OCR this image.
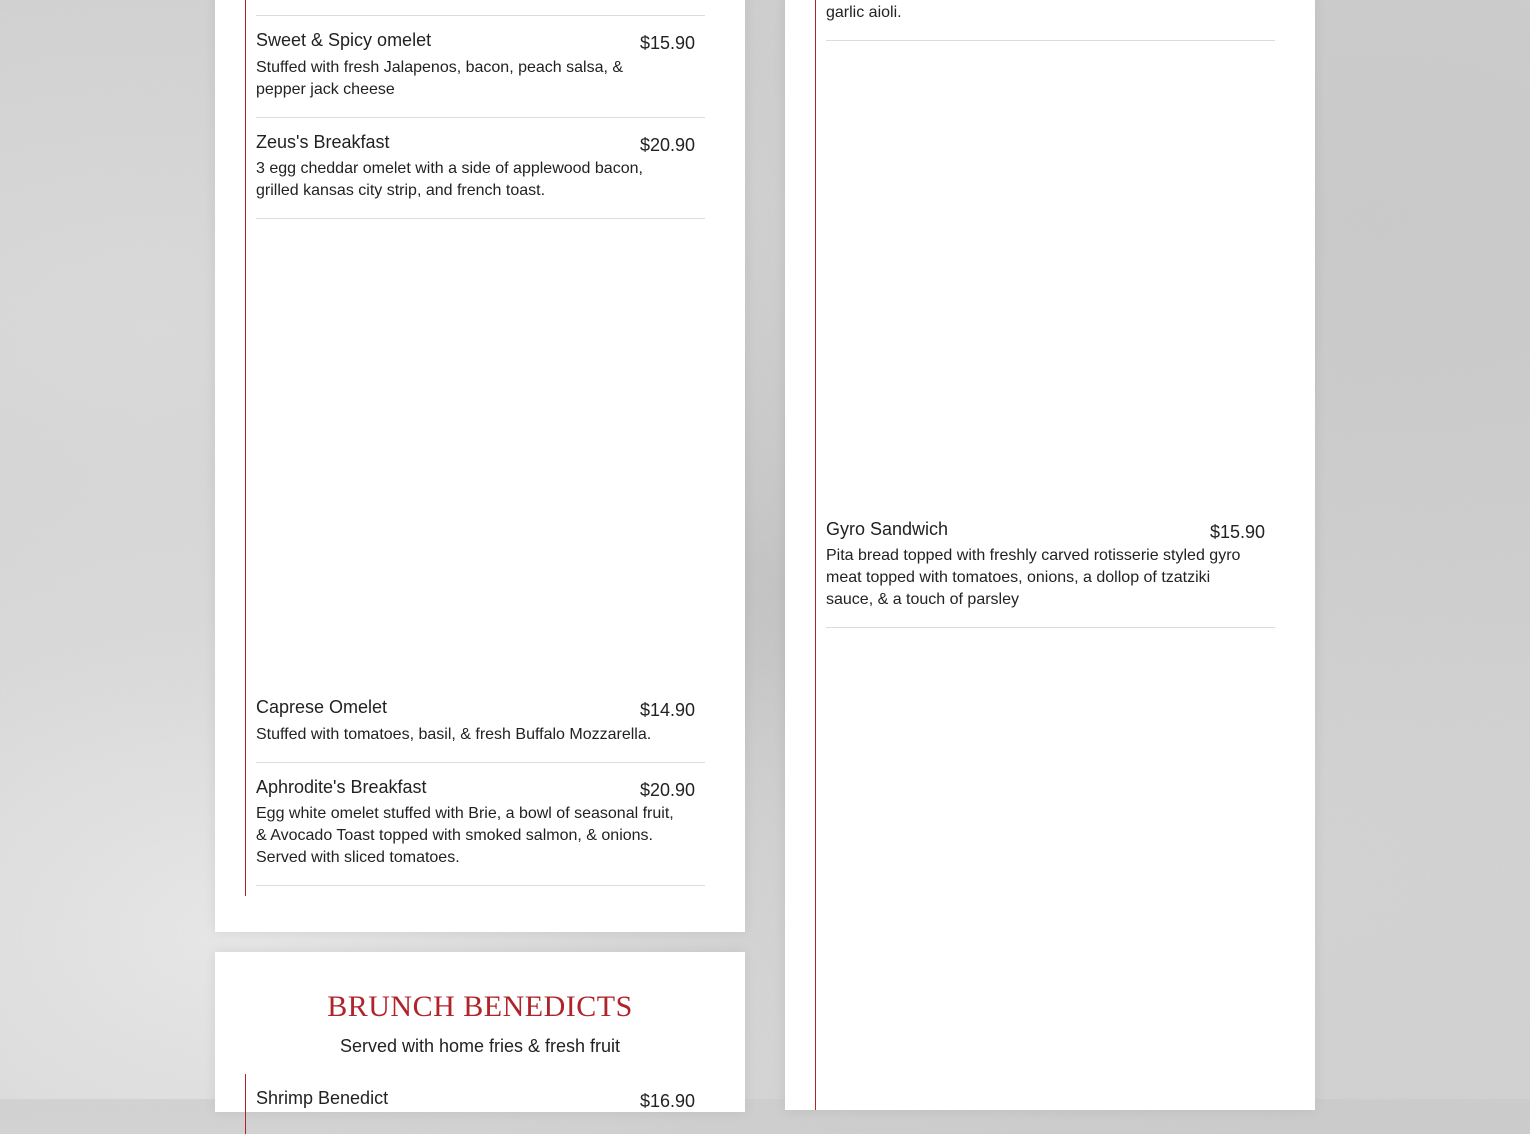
Sweet & Spicy omelet	$15.90
Stuffed with fresh Jalapenos, bacon, peach salsa, & pepper jack cheese
Zeus's Breakfast	$20.90
3 egg cheddar omelet with a side of applewood bacon, grilled kansas city strip, and french toast.
Caprese Omelet	$14.90
Stuffed with tomatoes, basil, & fresh Buffalo Mozzarella.
Aphrodite's Breakfast	$20.90
Egg white omelet stuffed with Brie, a bowl of seasonal fruit, & Avocado Toast topped with smoked salmon, & onions. Served with sliced tomatoes.
garlic aioli.
Gyro Sandwich	$15.90
Pita bread topped with freshly carved rotisserie styled gyro meat topped with tomatoes, onions, a dollop of tzatziki sauce, & a touch of parsley
BRUNCH BENEDICTS
Served with home fries & fresh fruit
Shrimp Benedict	$16.90
